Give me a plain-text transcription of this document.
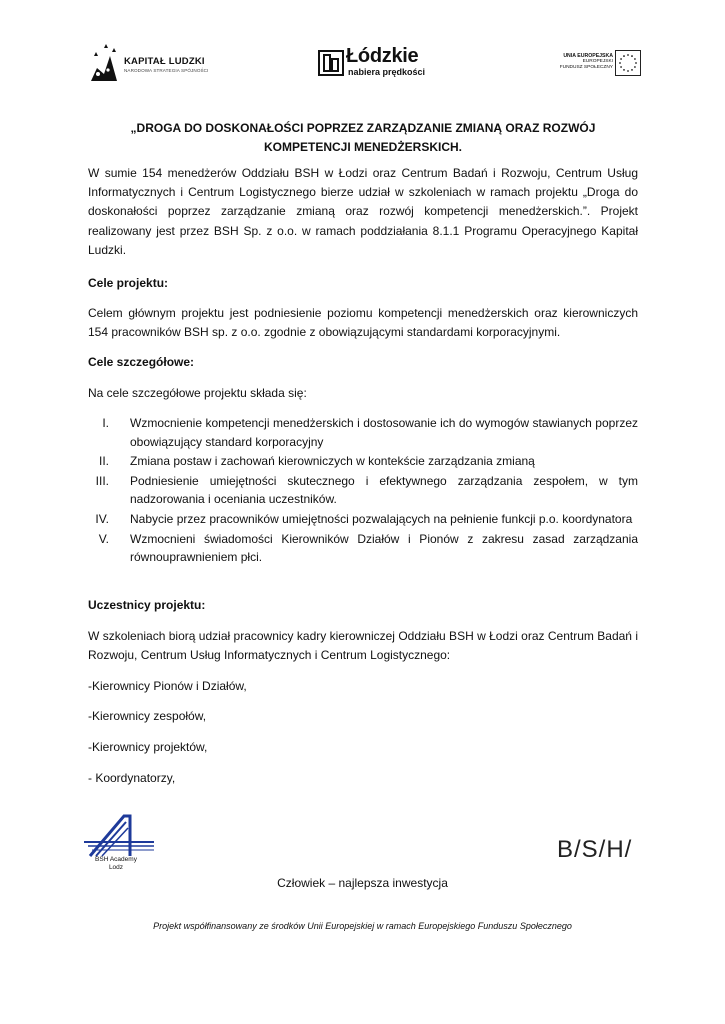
KAPITAŁ LUDZKI
NARODOWA STRATEGIA SPÓJNOŚCI
Łódzkie
nabiera prędkości
UNIA EUROPEJSKA
EUROPEJSKI
FUNDUSZ SPOŁECZNY
„DROGA DO DOSKONAŁOŚCI POPRZEZ ZARZĄDZANIE ZMIANĄ ORAZ ROZWÓJ KOMPETENCJI MENEDŻERSKICH.

W sumie 154 menedżerów Oddziału BSH w Łodzi oraz Centrum Badań i Rozwoju, Centrum Usług Informatycznych i Centrum Logistycznego bierze udział w szkoleniach w ramach projektu „Droga do doskonałości poprzez zarządzanie zmianą oraz rozwój kompetencji menedżerskich.”. Projekt realizowany jest przez BSH Sp. z o.o. w ramach poddziałania 8.1.1 Programu Operacyjnego Kapitał Ludzki.

Cele projektu:

Celem głównym projektu jest podniesienie poziomu kompetencji menedżerskich oraz kierowniczych 154 pracowników BSH sp. z o.o. zgodnie z obowiązującymi standardami korporacyjnymi.

Cele szczegółowe:

Na cele szczegółowe projektu składa się:

I. Wzmocnienie kompetencji menedżerskich i dostosowanie ich do wymogów stawianych poprzez obowiązujący standard korporacyjny
II. Zmiana postaw i zachowań kierowniczych w kontekście zarządzania zmianą
III. Podniesienie umiejętności skutecznego i efektywnego zarządzania zespołem, w tym nadzorowania i oceniania uczestników.
IV. Nabycie przez pracowników umiejętności pozwalających na pełnienie funkcji p.o. koordynatora
V. Wzmocnieni świadomości Kierowników Działów i Pionów z zakresu zasad zarządzania równouprawnieniem płci.

Uczestnicy projektu:

W szkoleniach biorą udział pracownicy kadry kierowniczej Oddziału BSH w Łodzi oraz Centrum Badań i Rozwoju, Centrum Usług Informatycznych i Centrum Logistycznego:

-Kierownicy Pionów i Działów,

-Kierownicy zespołów,

-Kierownicy projektów,

- Koordynatorzy,

BSH Academy
Lodz
B/S/H/
Człowiek – najlepsza inwestycja
Projekt współfinansowany ze środków Unii Europejskiej w ramach Europejskiego Funduszu Społecznego
